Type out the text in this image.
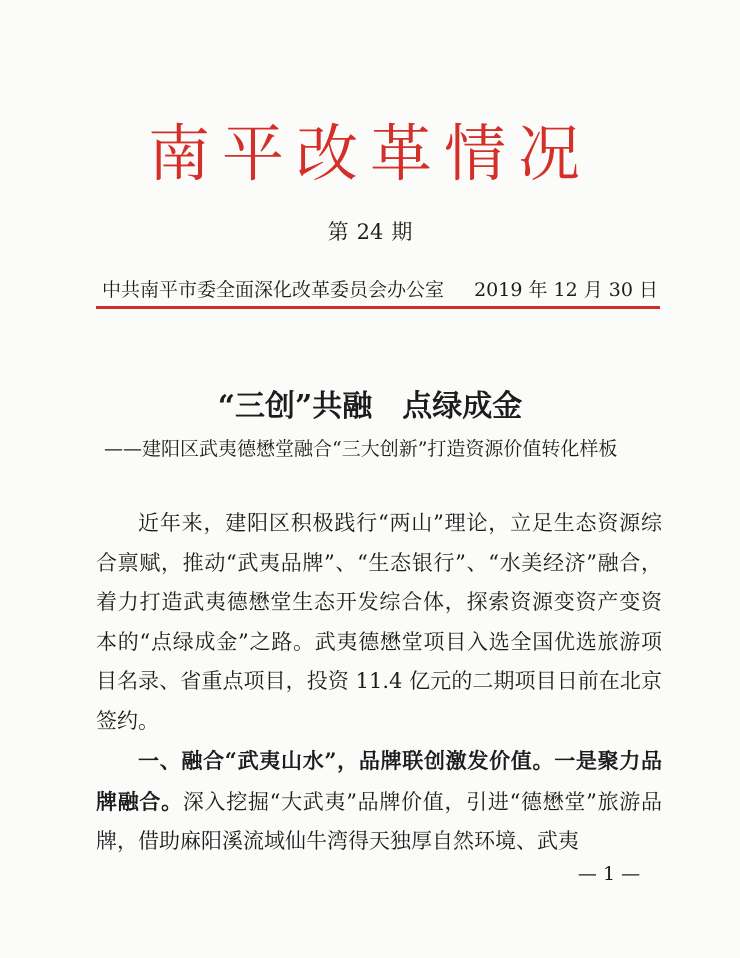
南平改革情况
第 24 期
中共南平市委全面深化改革委员会办公室 2019 年 12 月 30 日
“三创”共融　点绿成金
——建阳区武夷德懋堂融合“三大创新”打造资源价值转化样板

近年来，建阳区积极践行“两山”理论，立足生态资源综合禀赋，推动“武夷品牌”、“生态银行”、“水美经济”融合，着力打造武夷德懋堂生态开发综合体，探索资源变资产变资本的“点绿成金”之路。武夷德懋堂项目入选全国优选旅游项目名录、省重点项目，投资 11.4 亿元的二期项目日前在北京签约。

一、融合“武夷山水”，品牌联创激发价值。一是聚力品牌融合。深入挖掘“大武夷”品牌价值，引进“德懋堂”旅游品牌，借助麻阳溪流域仙牛湾得天独厚自然环境、武夷

— 1 —
